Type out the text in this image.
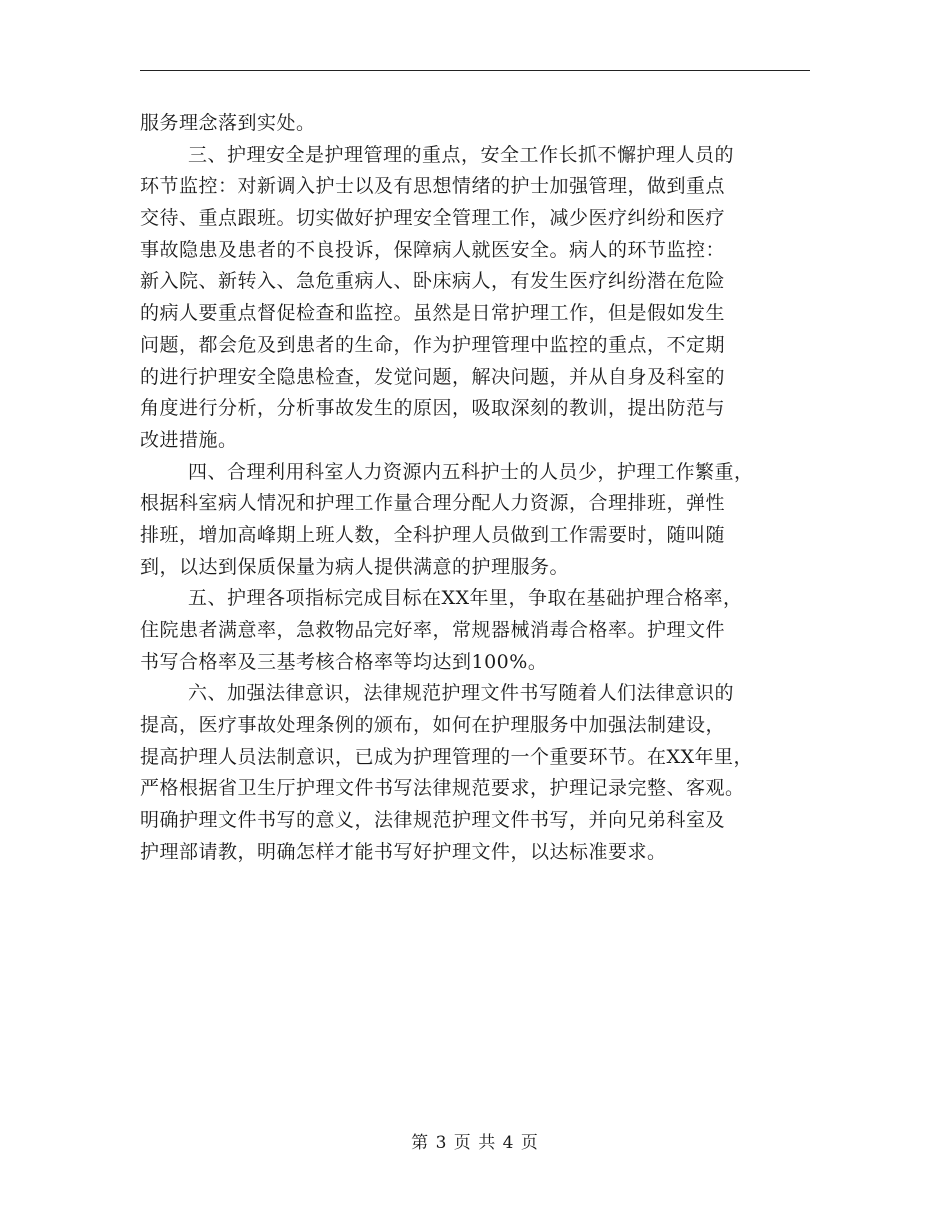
服务理念落到实处。
三、护理安全是护理管理的重点，安全工作长抓不懈护理人员的
环节监控：对新调入护士以及有思想情绪的护士加强管理，做到重点
交待、重点跟班。切实做好护理安全管理工作，减少医疗纠纷和医疗
事故隐患及患者的不良投诉，保障病人就医安全。病人的环节监控：
新入院、新转入、急危重病人、卧床病人，有发生医疗纠纷潜在危险
的病人要重点督促检查和监控。虽然是日常护理工作，但是假如发生
问题，都会危及到患者的生命，作为护理管理中监控的重点，不定期
的进行护理安全隐患检查，发觉问题，解决问题，并从自身及科室的
角度进行分析，分析事故发生的原因，吸取深刻的教训，提出防范与
改进措施。
四、合理利用科室人力资源内五科护士的人员少，护理工作繁重，
根据科室病人情况和护理工作量合理分配人力资源，合理排班，弹性
排班，增加高峰期上班人数，全科护理人员做到工作需要时，随叫随
到，以达到保质保量为病人提供满意的护理服务。
五、护理各项指标完成目标在XX年里，争取在基础护理合格率，
住院患者满意率，急救物品完好率，常规器械消毒合格率。护理文件
书写合格率及三基考核合格率等均达到100%。
六、加强法律意识，法律规范护理文件书写随着人们法律意识的
提高，医疗事故处理条例的颁布，如何在护理服务中加强法制建设，
提高护理人员法制意识，已成为护理管理的一个重要环节。在XX年里，
严格根据省卫生厅护理文件书写法律规范要求，护理记录完整、客观。
明确护理文件书写的意义，法律规范护理文件书写，并向兄弟科室及
护理部请教，明确怎样才能书写好护理文件，以达标准要求。
第 3 页 共 4 页
